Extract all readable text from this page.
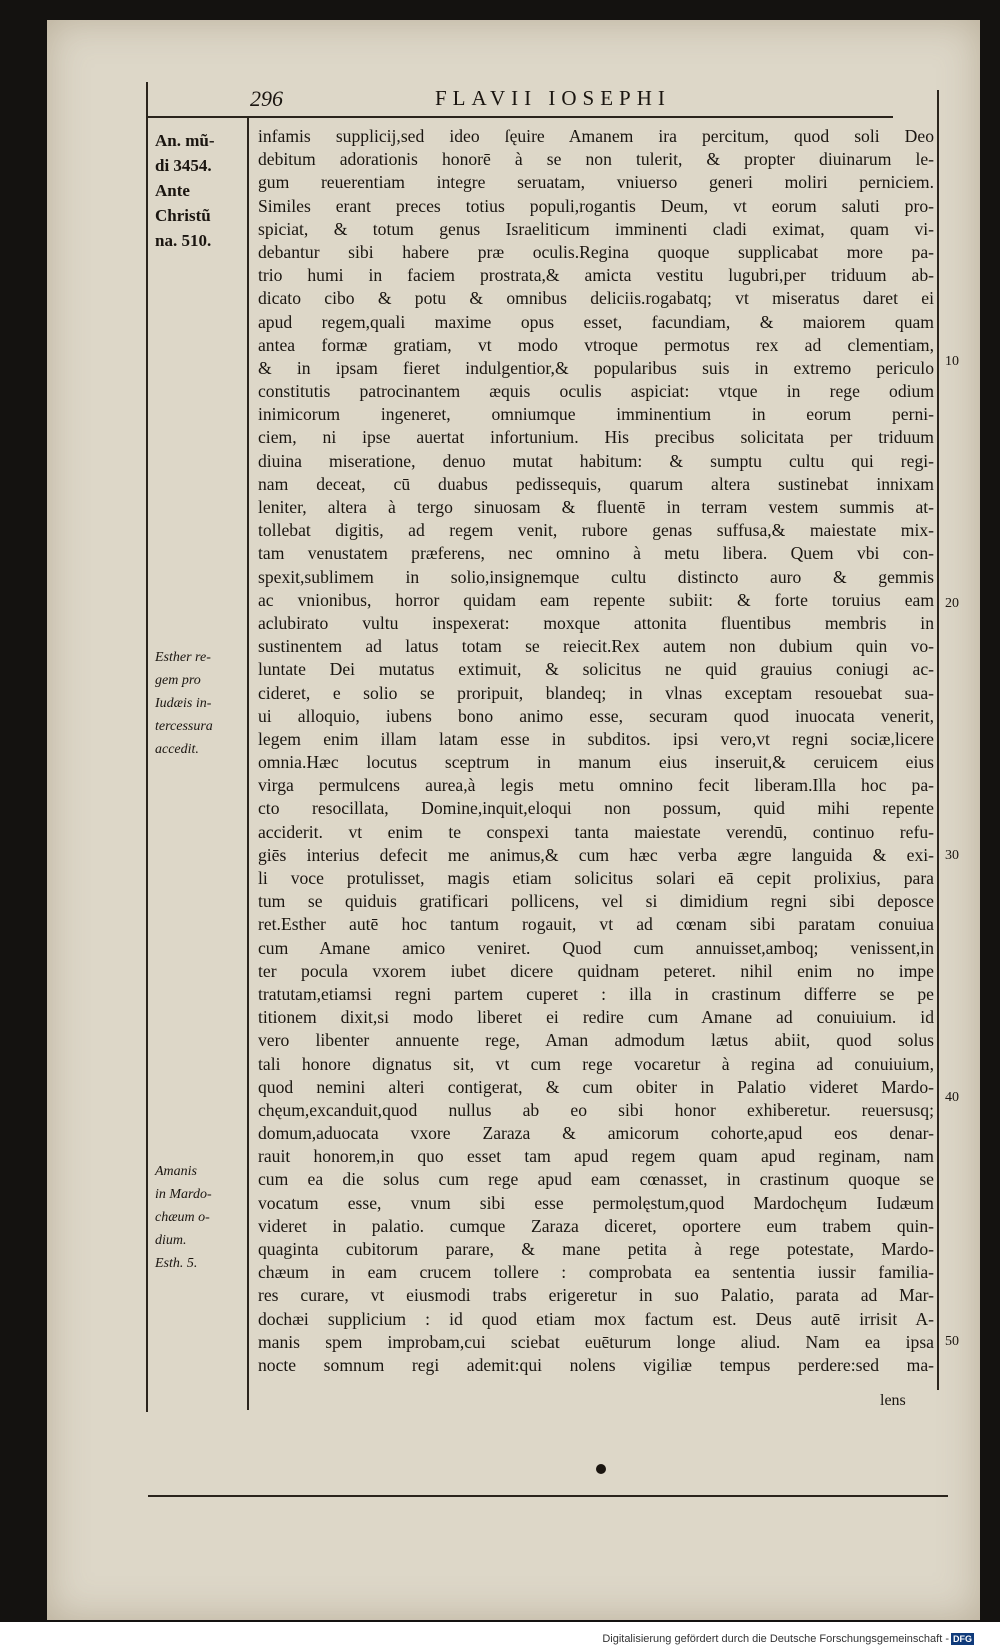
296	FLAVII IOSEPHI
An. mũ-
di 3454.
Ante
Christũ
na. 510.
Esther re-
gem pro
Iudæis in-
tercessura
accedit.
Amanis
in Mardo-
chæum o-
dium.
Esth. 5.
infamis supplicij,sed ideo ſęuire Amanem ira percitum, quod soli Deo
debitum adorationis honorē à se non tulerit, & propter diuinarum le-
gum reuerentiam integre seruatam, vniuerso generi moliri perniciem.
Similes erant preces totius populi,rogantis Deum, vt eorum saluti pro-
spiciat, & totum genus Israeliticum imminenti cladi eximat, quam vi-
debantur sibi habere præ oculis.Regina quoque supplicabat more pa-
trio humi in faciem prostrata,& amicta vestitu lugubri,per triduum ab-
dicato cibo & potu & omnibus deliciis.rogabatq; vt miseratus daret ei
apud regem,quali maxime opus esset, facundiam, & maiorem quam
antea formæ gratiam, vt modo vtroque permotus rex ad clementiam,
& in ipsam fieret indulgentior,& popularibus suis in extremo periculo
constitutis patrocinantem æquis oculis aspiciat: vtque in rege odium
inimicorum ingeneret, omniumque imminentium in eorum perni-
ciem, ni ipse auertat infortunium. His precibus solicitata per triduum
diuina miseratione, denuo mutat habitum: & sumptu cultu qui regi-
nam deceat, cū duabus pedissequis, quarum altera sustinebat innixam
leniter, altera à tergo sinuosam & fluentē in terram vestem summis at-
tollebat digitis, ad regem venit, rubore genas suffusa,& maiestate mix-
tam venustatem præferens, nec omnino à metu libera. Quem vbi con-
spexit,sublimem in solio,insignemque cultu distincto auro & gemmis
ac vnionibus, horror quidam eam repente subiit: & forte toruius eam
aclubirato vultu inspexerat: moxque attonita fluentibus membris in
sustinentem ad latus totam se reiecit.Rex autem non dubium quin vo-
luntate Dei mutatus extimuit, & solicitus ne quid grauius coniugi ac-
cideret, e solio se proripuit, blandeq; in vlnas exceptam resouebat sua-
ui alloquio, iubens bono animo esse, securam quod inuocata venerit,
legem enim illam latam esse in subditos. ipsi vero,vt regni sociæ,licere
omnia.Hæc locutus sceptrum in manum eius inseruit,& ceruicem eius
virga permulcens aurea,à legis metu omnino fecit liberam.Illa hoc pa-
cto resocillata, Domine,inquit,eloqui non possum, quid mihi repente
acciderit. vt enim te conspexi tanta maiestate verendū, continuo refu-
giēs interius defecit me animus,& cum hæc verba ægre languida & exi-
li voce protulisset, magis etiam solicitus solari eā cepit prolixius, para
tum se quiduis gratificari pollicens, vel si dimidium regni sibi deposce
ret.Esther autē hoc tantum rogauit, vt ad cœnam sibi paratam conuiua
cum Amane amico veniret. Quod cum annuisset,amboq; venissent,in
ter pocula vxorem iubet dicere quidnam peteret. nihil enim no impe
tratutam,etiamsi regni partem cuperet : illa in crastinum differre se pe
titionem dixit,si modo liberet ei redire cum Amane ad conuiuium. id
vero libenter annuente rege, Aman admodum lætus abiit, quod solus
tali honore dignatus sit, vt cum rege vocaretur à regina ad conuiuium,
quod nemini alteri contigerat, & cum obiter in Palatio videret Mardo-
chęum,excanduit,quod nullus ab eo sibi honor exhiberetur. reuersusq;
domum,aduocata vxore Zaraza & amicorum cohorte,apud eos denar-
rauit honorem,in quo esset tam apud regem quam apud reginam, nam
cum ea die solus cum rege apud eam cœnasset, in crastinum quoque se
vocatum esse, vnum sibi esse permolęstum,quod Mardochęum Iudæum
videret in palatio. cumque Zaraza diceret, oportere eum trabem quin-
quaginta cubitorum parare, & mane petita à rege potestate, Mardo-
chæum in eam crucem tollere : comprobata ea sententia iussir familia-
res curare, vt eiusmodi trabs erigeretur in suo Palatio, parata ad Mar-
dochæi supplicium : id quod etiam mox factum est. Deus autē irrisit A-
manis spem improbam,cui sciebat euēturum longe aliud. Nam ea ipsa
nocte somnum regi ademit:qui nolens vigiliæ tempus perdere:sed ma-
10
20
30
40
50
lens
Digitalisierung gefördert durch die Deutsche Forschungsgemeinschaft - DFG
